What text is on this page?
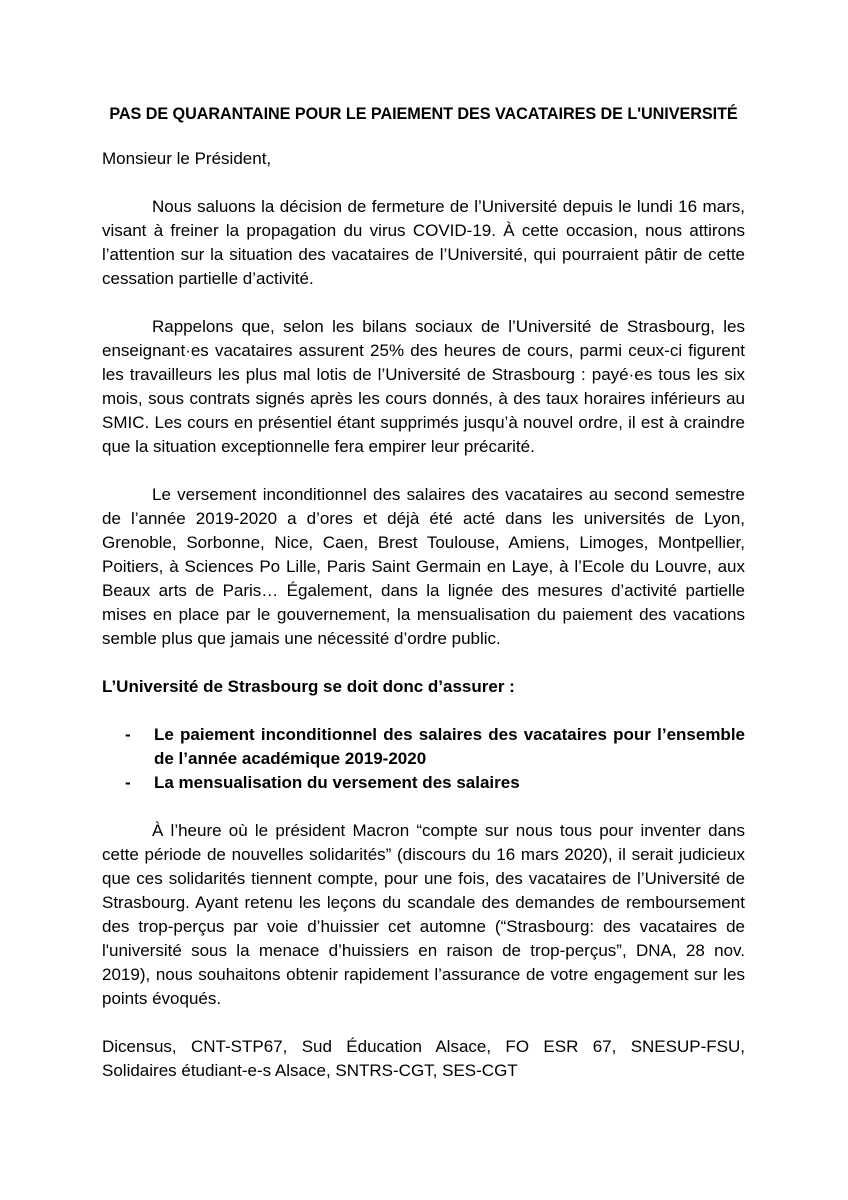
PAS DE QUARANTAINE POUR LE PAIEMENT DES VACATAIRES DE L'UNIVERSITÉ

Monsieur le Président,

Nous saluons la décision de fermeture de l’Université depuis le lundi 16 mars, visant à freiner la propagation du virus COVID-19. À cette occasion, nous attirons l’attention sur la situation des vacataires de l’Université, qui pourraient pâtir de cette cessation partielle d’activité.

Rappelons que, selon les bilans sociaux de l’Université de Strasbourg, les enseignant·es vacataires assurent 25% des heures de cours, parmi ceux-ci figurent les travailleurs les plus mal lotis de l’Université de Strasbourg : payé·es tous les six mois, sous contrats signés après les cours donnés, à des taux horaires inférieurs au SMIC. Les cours en présentiel étant supprimés jusqu’à nouvel ordre, il est à craindre que la situation exceptionnelle fera empirer leur précarité.

Le versement inconditionnel des salaires des vacataires au second semestre de l’année 2019-2020 a d’ores et déjà été acté dans les universités de Lyon, Grenoble, Sorbonne, Nice, Caen, Brest Toulouse, Amiens, Limoges, Montpellier, Poitiers, à Sciences Po Lille, Paris Saint Germain en Laye, à l’Ecole du Louvre, aux Beaux arts de Paris… Également, dans la lignée des mesures d’activité partielle mises en place par le gouvernement, la mensualisation du paiement des vacations semble plus que jamais une nécessité d’ordre public.

L’Université de Strasbourg se doit donc d’assurer :

- Le paiement inconditionnel des salaires des vacataires pour l’ensemble de l’année académique 2019-2020
- La mensualisation du versement des salaires

À l’heure où le président Macron “compte sur nous tous pour inventer dans cette période de nouvelles solidarités” (discours du 16 mars 2020), il serait judicieux que ces solidarités tiennent compte, pour une fois, des vacataires de l’Université de Strasbourg. Ayant retenu les leçons du scandale des demandes de remboursement des trop-perçus par voie d’huissier cet automne (“Strasbourg: des vacataires de l'université sous la menace d’huissiers en raison de trop-perçus”, DNA, 28 nov. 2019), nous souhaitons obtenir rapidement l’assurance de votre engagement sur les points évoqués.

Dicensus, CNT-STP67, Sud Éducation Alsace, FO ESR 67, SNESUP-FSU, Solidaires étudiant-e-s Alsace, SNTRS-CGT, SES-CGT
